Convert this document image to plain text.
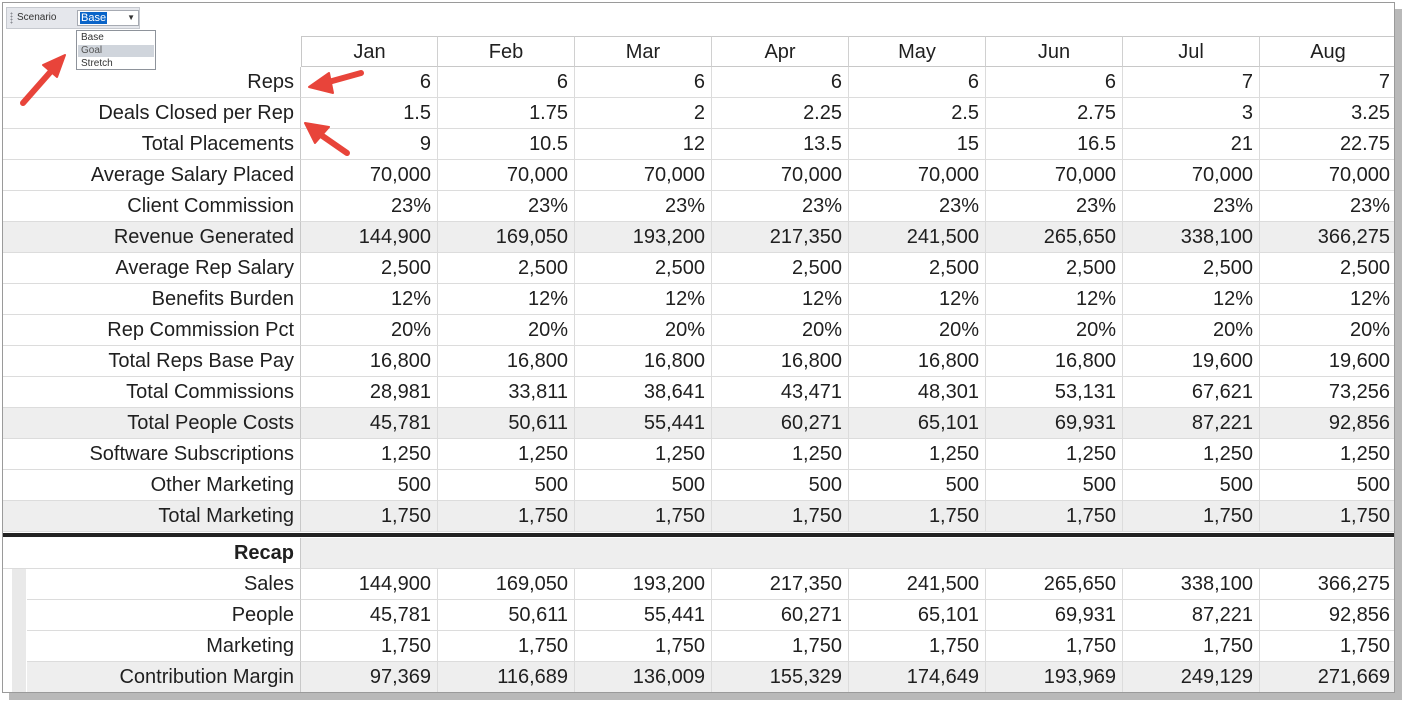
Jan	Feb	Mar	Apr	May	Jun	Jul	Aug
Reps	6	6	6	6	6	6	7	7
Deals Closed per Rep	1.5	1.75	2	2.25	2.5	2.75	3	3.25
Total Placements	9	10.5	12	13.5	15	16.5	21	22.75
Average Salary Placed	70,000	70,000	70,000	70,000	70,000	70,000	70,000	70,000
Client Commission	23%	23%	23%	23%	23%	23%	23%	23%
Revenue Generated	144,900	169,050	193,200	217,350	241,500	265,650	338,100	366,275
Average Rep Salary	2,500	2,500	2,500	2,500	2,500	2,500	2,500	2,500
Benefits Burden	12%	12%	12%	12%	12%	12%	12%	12%
Rep Commission Pct	20%	20%	20%	20%	20%	20%	20%	20%
Total Reps Base Pay	16,800	16,800	16,800	16,800	16,800	16,800	19,600	19,600
Total Commissions	28,981	33,811	38,641	43,471	48,301	53,131	67,621	73,256
Total People Costs	45,781	50,611	55,441	60,271	65,101	69,931	87,221	92,856
Software Subscriptions	1,250	1,250	1,250	1,250	1,250	1,250	1,250	1,250
Other Marketing	500	500	500	500	500	500	500	500
Total Marketing	1,750	1,750	1,750	1,750	1,750	1,750	1,750	1,750
Recap
Sales	144,900	169,050	193,200	217,350	241,500	265,650	338,100	366,275
People	45,781	50,611	55,441	60,271	65,101	69,931	87,221	92,856
Marketing	1,750	1,750	1,750	1,750	1,750	1,750	1,750	1,750
Contribution Margin	97,369	116,689	136,009	155,329	174,649	193,969	249,129	271,669
Scenario Base	▼
Base
Goal
Stretch
